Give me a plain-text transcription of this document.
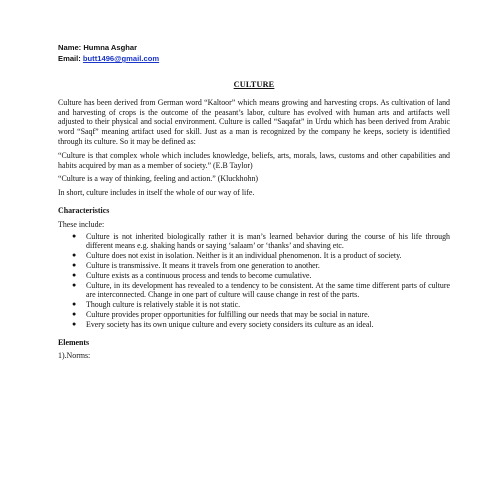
Name: Humna Asghar
Email: butt1496@gmail.com
CULTURE

Culture has been derived from German word “Kaltoor” which means growing and harvesting crops. As cultivation of land and harvesting of crops is the outcome of the peasant’s labor, culture has evolved with human arts and artifacts well adjusted to their physical and social environment. Culture is called “Saqafat” in Urdu which has been derived from Arabic word “Saqf” meaning artifact used for skill. Just as a man is recognized by the company he keeps, society is identified through its culture. So it may be defined as:

“Culture is that complex whole which includes knowledge, beliefs, arts, morals, laws, customs and other capabilities and habits acquired by man as a member of society.” (E.B Taylor)

“Culture is a way of thinking, feeling and action.” (Kluckhohn)

In short, culture includes in itself the whole of our way of life.

Characteristics
These include:
● Culture is not inherited biologically rather it is man’s learned behavior during the course of his life through different means e.g. shaking hands or saying ‘salaam’ or ‘thanks’ and shaving etc.
● Culture does not exist in isolation. Neither is it an individual phenomenon. It is a product of society.
● Culture is transmissive. It means it travels from one generation to another.
● Culture exists as a continuous process and tends to become cumulative.
● Culture, in its development has revealed to a tendency to be consistent. At the same time different parts of culture are interconnected. Change in one part of culture will cause change in rest of the parts.
● Though culture is relatively stable it is not static.
● Culture provides proper opportunities for fulfilling our needs that may be social in nature.
● Every society has its own unique culture and every society considers its culture as an ideal.
Elements
1).Norms:
